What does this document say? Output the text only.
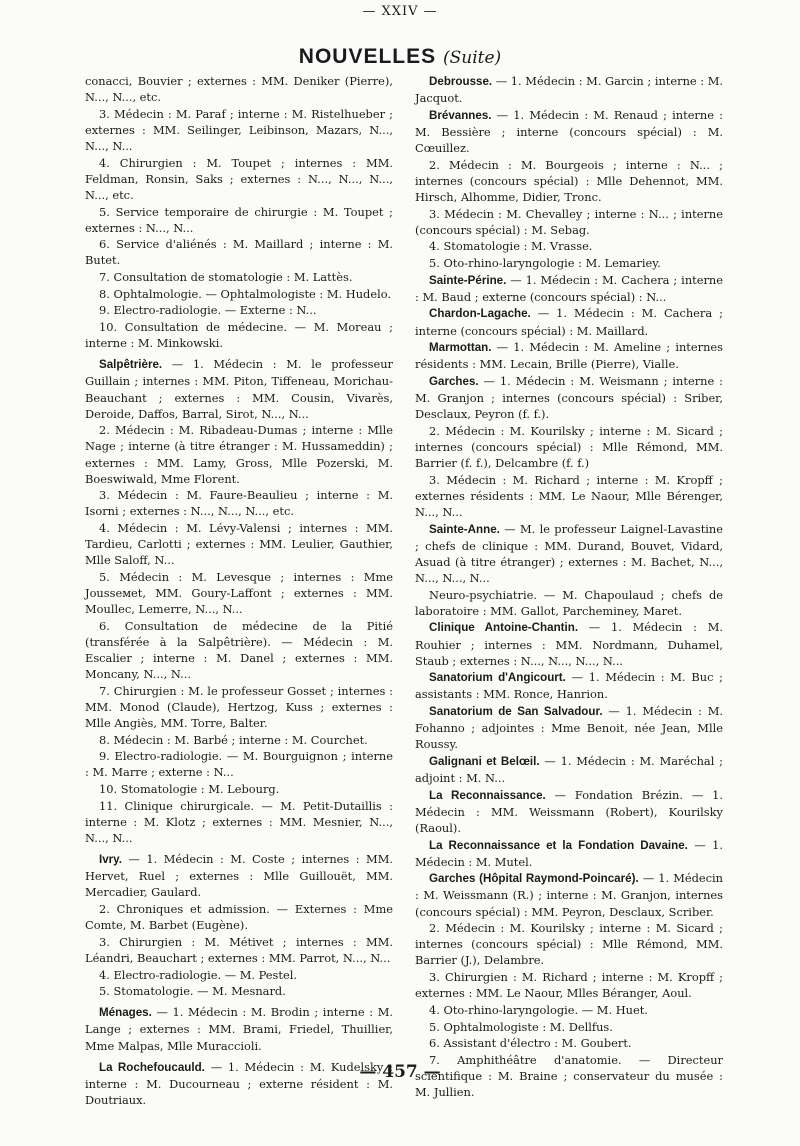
— XXIV —
NOUVELLES (Suite)

conacci, Bouvier ; externes : MM. Deniker (Pierre), N..., N..., etc.

3. Médecin : M. Paraf ; interne : M. Ristelhueber ; externes : MM. Seilinger, Leibinson, Mazars, N..., N..., N...

4. Chirurgien : M. Toupet ; internes : MM. Feldman, Ronsin, Saks ; externes : N..., N..., N..., N..., etc.

5. Service temporaire de chirurgie : M. Toupet ; externes : N..., N...

6. Service d'aliénés : M. Maillard ; interne : M. Butet.

7. Consultation de stomatologie : M. Lattès.

8. Ophtalmologie. — Ophtalmologiste : M. Hudelo.

9. Electro-radiologie. — Externe : N...

10. Consultation de médecine. — M. Moreau ; interne : M. Minkowski.

Salpêtrière. — 1. Médecin : M. le professeur Guillain ; internes : MM. Piton, Tiffeneau, Morichau-Beauchant ; externes : MM. Cousin, Vivarès, Deroide, Daffos, Barral, Sirot, N..., N...

2. Médecin : M. Ribadeau-Dumas ; interne : Mlle Nage ; interne (à titre étranger : M. Hussameddin) ; externes : MM. Lamy, Gross, Mlle Pozerski, M. Boeswiwald, Mme Florent.

3. Médecin : M. Faure-Beaulieu ; interne : M. Isorni ; externes : N..., N..., N..., etc.

4. Médecin : M. Lévy-Valensi ; internes : MM. Tardieu, Carlotti ; externes : MM. Leulier, Gauthier, Mlle Saloff, N...

5. Médecin : M. Levesque ; internes : Mme Jousseмet, MM. Goury-Laffont ; externes : MM. Moullec, Lemerre, N..., N...

6. Consultation de médecine de la Pitié (transférée à la Salpêtrière). — Médecin : M. Escalier ; interne : M. Danel ; externes : MM. Moncany, N..., N...

7. Chirurgien : M. le professeur Gosset ; internes : MM. Monod (Claude), Hertzog, Kuss ; externes : Mlle Angiès, MM. Torre, Balter.

8. Médecin : M. Barbé ; interne : M. Courchet.

9. Electro-radiologie. — M. Bourguignon ; interne : M. Marre ; externe : N...

10. Stomatologie : M. Lebourg.

11. Clinique chirurgicale. — M. Petit-Dutaillis : interne : M. Klotz ; externes : MM. Mesnier, N..., N..., N...

Ivry. — 1. Médecin : M. Coste ; internes : MM. Hervet, Ruel ; externes : Mlle Guillouët, MM. Mercadier, Gaulard.

2. Chroniques et admission. — Externes : Mme Comte, M. Barbet (Eugène).

3. Chirurgien : M. Métivet ; internes : MM. Léandri, Beauchart ; externes : MM. Parrot, N..., N...

4. Electro-radiologie. — M. Pestel.

5. Stomatologie. — M. Mesnard.

Ménages. — 1. Médecin : M. Brodin ; interne : M. Lange ; externes : MM. Brami, Friedel, Thuillier, Mme Malpas, Mlle Muraccioli.

La Rochefoucauld. — 1. Médecin : M. Kudelsky : interne : M. Ducourneau ; externe résident : M. Doutriaux.

Debrousse. — 1. Médecin : M. Garcin ; interne : M. Jacquot.

Brévannes. — 1. Médecin : M. Renaud ; interne : M. Bessière ; interne (concours spécial) : M. Cœuillez.

2. Médecin : M. Bourgeois ; interne : N... ; internes (concours spécial) : Mlle Dehennot, MM. Hirsch, Alhomme, Didier, Tronc.

3. Médecin : M. Chevalley ; interne : N... ; interne (concours spécial) : M. Sebag.

4. Stomatologie : M. Vrasse.

5. Oto-rhino-laryngologie : M. Lemariey.

Sainte-Périne. — 1. Médecin : M. Cachera ; interne : M. Baud ; externe (concours spécial) : N...

Chardon-Lagache. — 1. Médecin : M. Cachera ; interne (concours spécial) : M. Maillard.

Marmottan. — 1. Médecin : M. Ameline ; internes résidents : MM. Lecain, Brille (Pierre), Vialle.

Garches. — 1. Médecin : M. Weismann ; interne : M. Granjon ; internes (concours spécial) : Sriber, Desclaux, Peyron (f. f.).

2. Médecin : M. Kourilsky ; interne : M. Sicard ; internes (concours spécial) : Mlle Rémond, MM. Barrier (f. f.), Delcambre (f. f.)

3. Médecin : M. Richard ; interne : M. Kropff ; externes résidents : MM. Le Naour, Mlle Bérenger, N..., N...

Sainte-Anne. — M. le professeur Laignel-Lavastine ; chefs de clinique : MM. Durand, Bouvet, Vidard, Asuad (à titre étranger) ; externes : M. Bachet, N..., N..., N..., N...

Neuro-psychiatrie. — M. Chapoulaud ; chefs de laboratoire : MM. Gallot, Parcheminey, Maret.

Clinique Antoine-Chantin. — 1. Médecin : M. Rouhier ; internes : MM. Nordmann, Duhamel, Staub ; externes : N..., N..., N..., N...

Sanatorium d'Angicourt. — 1. Médecin : M. Buc ; assistants : MM. Ronce, Hanrion.

Sanatorium de San Salvadour. — 1. Médecin : M. Fohanno ; adjointes : Mme Benoit, née Jean, Mlle Roussy.

Galignani et Belœil. — 1. Médecin : M. Maréchal ; adjoint : M. N...

La Reconnaissance. — Fondation Brézin. — 1. Médecin : MM. Weissmann (Robert), Kourilsky (Raoul).

La Reconnaissance et la Fondation Davaine. — 1. Médecin : M. Mutel.

Garches (Hôpital Raymond-Poincaré). — 1. Médecin : M. Weissmann (R.) ; interne : M. Granjon, internes (concours spécial) : MM. Peyron, Desclaux, Scriber.

2. Médecin : M. Kourilsky ; interne : M. Sicard ; internes (concours spécial) : Mlle Rémond, MM. Barrier (J.), Delambre.

3. Chirurgien : M. Richard ; interne : M. Kropff ; externes : MM. Le Naour, Mlles Béranger, Aoul.

4. Oto-rhino-laryngologie. — M. Huet.

5. Ophtalmologiste : M. Dellfus.

6. Assistant d'électro : M. Goubert.

7. Amphithéâtre d'anatomie. — Directeur scientifique : M. Braine ; conservateur du musée : M. Jullien.

— 457 —
